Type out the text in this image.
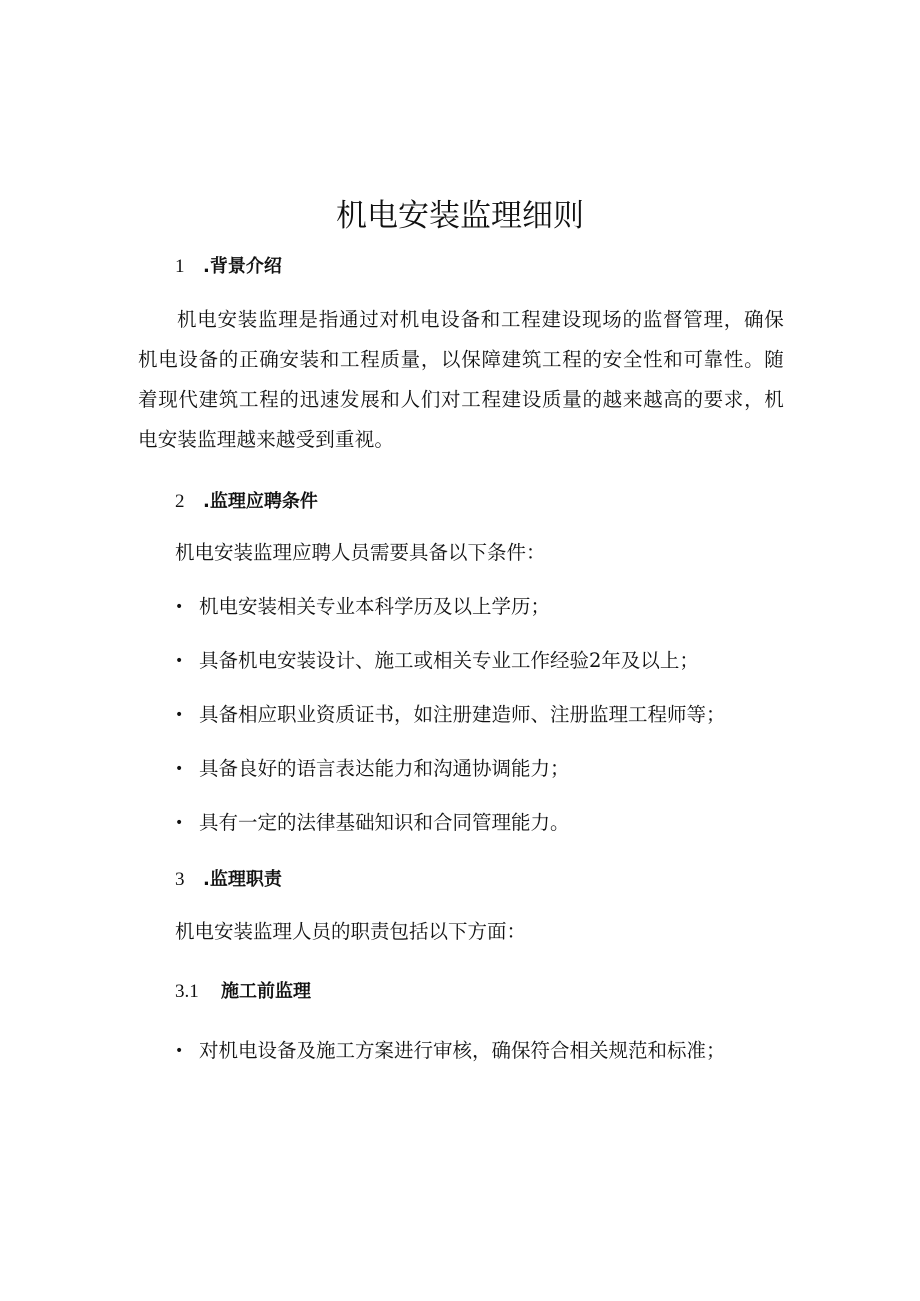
机电安装监理细则
1 .背景介绍
机电安装监理是指通过对机电设备和工程建设现场的监督管理，确保机电设备的正确安装和工程质量，以保障建筑工程的安全性和可靠性。随着现代建筑工程的迅速发展和人们对工程建设质量的越来越高的要求，机电安装监理越来越受到重视。
2 .监理应聘条件
机电安装监理应聘人员需要具备以下条件：
• 机电安装相关专业本科学历及以上学历；
• 具备机电安装设计、施工或相关专业工作经验2年及以上；
• 具备相应职业资质证书，如注册建造师、注册监理工程师等；
• 具备良好的语言表达能力和沟通协调能力；
• 具有一定的法律基础知识和合同管理能力。
3 .监理职责
机电安装监理人员的职责包括以下方面：
3.1 施工前监理
• 对机电设备及施工方案进行审核，确保符合相关规范和标准；
